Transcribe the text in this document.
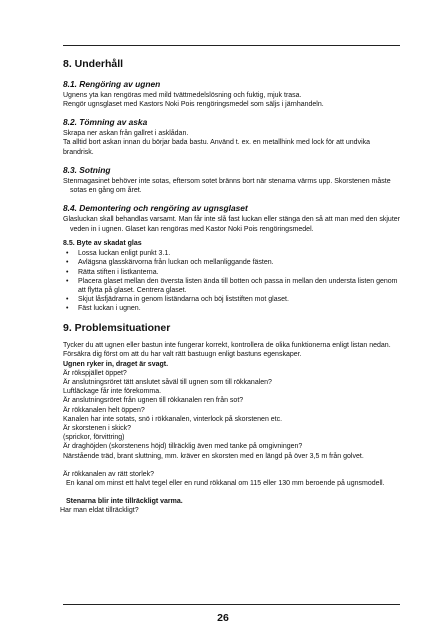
8. Underhåll
8.1. Rengöring av ugnen

Ugnens yta kan rengöras med mild tvättmedelslösning och fuktig, mjuk trasa.

Rengör ugnsglaset med Kastors Noki Pois rengöringsmedel som säljs i järnhandeln.

8.2. Tömning av aska

Skrapa ner askan från gallret i asklådan.

Ta alltid bort askan innan du börjar bada bastu. Använd t. ex. en metallhink med lock för att undvika brandrisk.

8.3. Sotning

Stenmagasinet behöver inte sotas, eftersom sotet bränns bort när stenarna värms upp. Skorstenen måste sotas en gång om året.

8.4. Demontering och rengöring av ugnsglaset

Glasluckan skall behandlas varsamt. Man får inte slå fast luckan eller stänga den så att man med den skjuter veden in i ugnen. Glaset kan rengöras med Kastor Noki Pois rengöringsmedel.

8.5. Byte av skadat glas
• Lossa luckan enligt punkt 3.1.
• Avlägsna glasskärvorna från luckan och mellanliggande fästen.
• Rätta stiften i listkanterna.
• Placera glaset mellan den översta listen ända till botten och passa in mellan den understa listen genom att flytta på glaset. Centrera glaset.
• Skjut låsfjädrarna in genom liständarna och böj liststiften mot glaset.
• Fäst luckan i ugnen.
9. Problemsituationer

Tycker du att ugnen eller bastun inte fungerar korrekt, kontrollera de olika funktionerna enligt listan nedan.

Försäkra dig först om att du har valt rätt bastuugn enligt bastuns egenskaper.

Ugnen ryker in, draget är svagt.

Är rökspjället öppet?

Är anslutningsröret tätt anslutet såväl till ugnen som till rökkanalen?

Luftläckage får inte förekomma.

Är anslutningsröret från ugnen till rökkanalen ren från sot?

Är rökkanalen helt öppen?

Kanalen har inte sotats, snö i rökkanalen, vinterlock på skorstenen etc.

Är skorstenen i skick?

(sprickor, förvittring)

Är draghöjden (skorstenens höjd) tillräcklig även med tanke på omgivningen?

Närstående träd, brant sluttning, mm. kräver en skorsten med en längd på över 3,5 m från golvet.

Är rökkanalen av rätt storlek?

En kanal om minst ett halvt tegel eller en rund rökkanal om 115 eller 130 mm beroende på ugnsmodell.

Stenarna blir inte tillräckligt varma.

Har man eldat tillräckligt?

26
